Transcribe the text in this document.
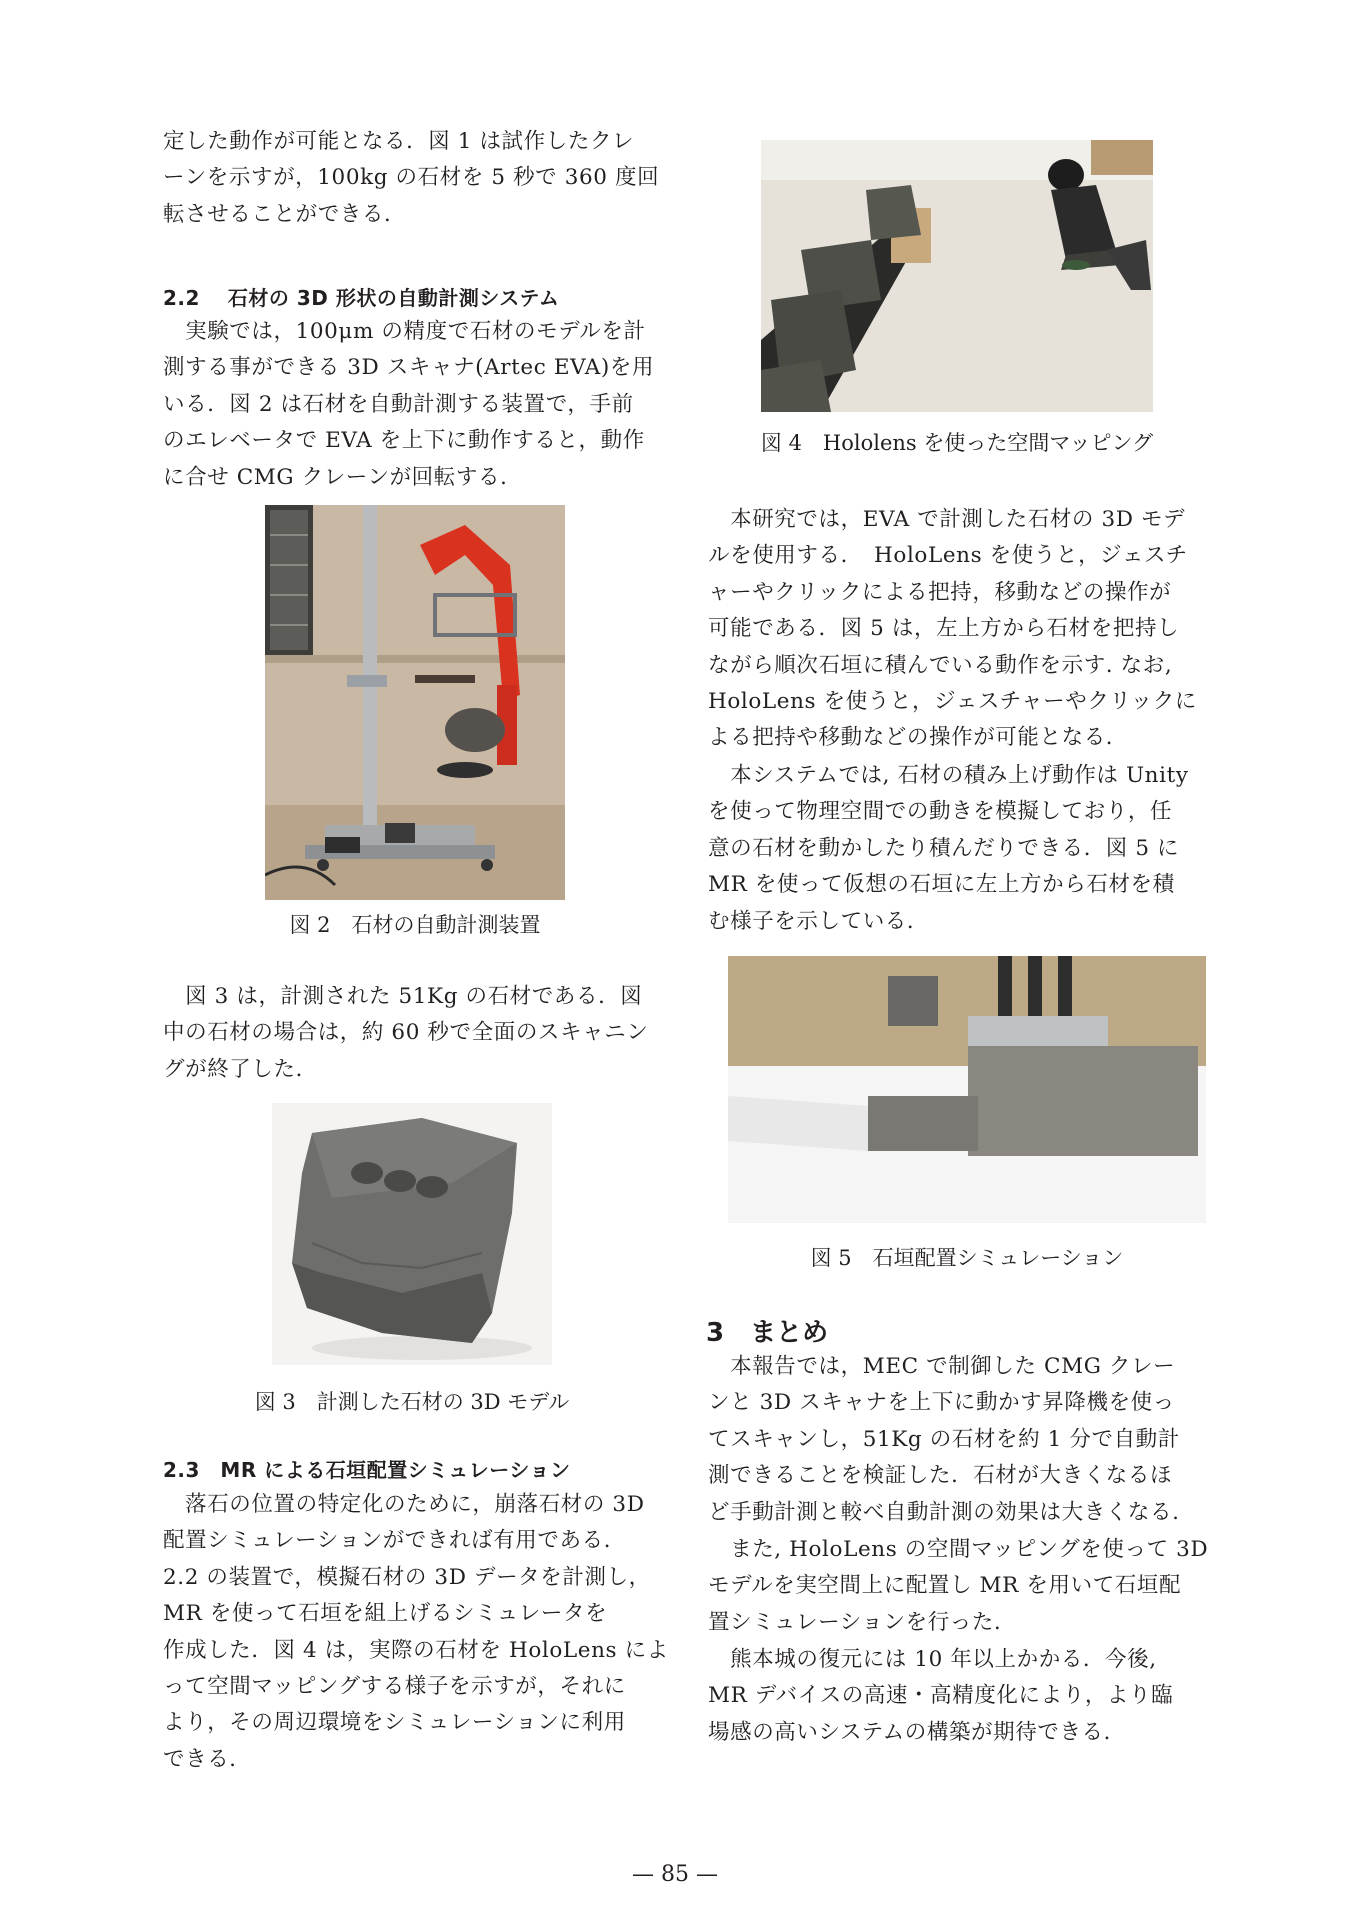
定した動作が可能となる．図 1 は試作したクレ
ーンを示すが，100kg の石材を 5 秒で 360 度回
転させることができる．

2.2　 石材の 3D 形状の自動計測システム

　実験では，100μm の精度で石材のモデルを計
測する事ができる 3D スキャナ(Artec EVA)を用
いる．図 2 は石材を自動計測する装置で，手前
のエレベータで EVA を上下に動作すると，動作
に合せ CMG クレーンが回転する．

図 2　石材の自動計測装置

　図 3 は，計測された 51Kg の石材である．図
中の石材の場合は，約 60 秒で全面のスキャニン
グが終了した．

図 3　計測した石材の 3D モデル

2.3　MR による石垣配置シミュレーション

　落石の位置の特定化のために，崩落石材の 3D
配置シミュレーションができれば有用である．
2.2 の装置で，模擬石材の 3D データを計測し，
MR を使って石垣を組上げるシミュレータを
作成した．図 4 は，実際の石材を HoloLens によ
って空間マッピングする様子を示すが，それに
より，その周辺環境をシミュレーションに利用
できる．

図 4　Hololens を使った空間マッピング

　本研究では，EVA で計測した石材の 3D モデ
ルを使用する．　HoloLens を使うと，ジェスチ
ャーやクリックによる把持，移動などの操作が
可能である．図 5 は，左上方から石材を把持し
ながら順次石垣に積んでいる動作を示す. なお,
HoloLens を使うと，ジェスチャーやクリックに
よる把持や移動などの操作が可能となる．

　本システムでは, 石材の積み上げ動作は Unity
を使って物理空間での動きを模擬しており，任
意の石材を動かしたり積んだりできる．図 5 に
MR を使って仮想の石垣に左上方から石材を積
む様子を示している．

図 5　石垣配置シミュレーション

3　まとめ

　本報告では，MEC で制御した CMG クレー
ンと 3D スキャナを上下に動かす昇降機を使っ
てスキャンし，51Kg の石材を約 1 分で自動計
測できることを検証した．石材が大きくなるほ
ど手動計測と較べ自動計測の効果は大きくなる.

　また, HoloLens の空間マッピングを使って 3D
モデルを実空間上に配置し MR を用いて石垣配
置シミュレーションを行った．

　熊本城の復元には 10 年以上かかる．今後,
MR デバイスの高速・高精度化により，より臨
場感の高いシステムの構築が期待できる．

— 85 —
